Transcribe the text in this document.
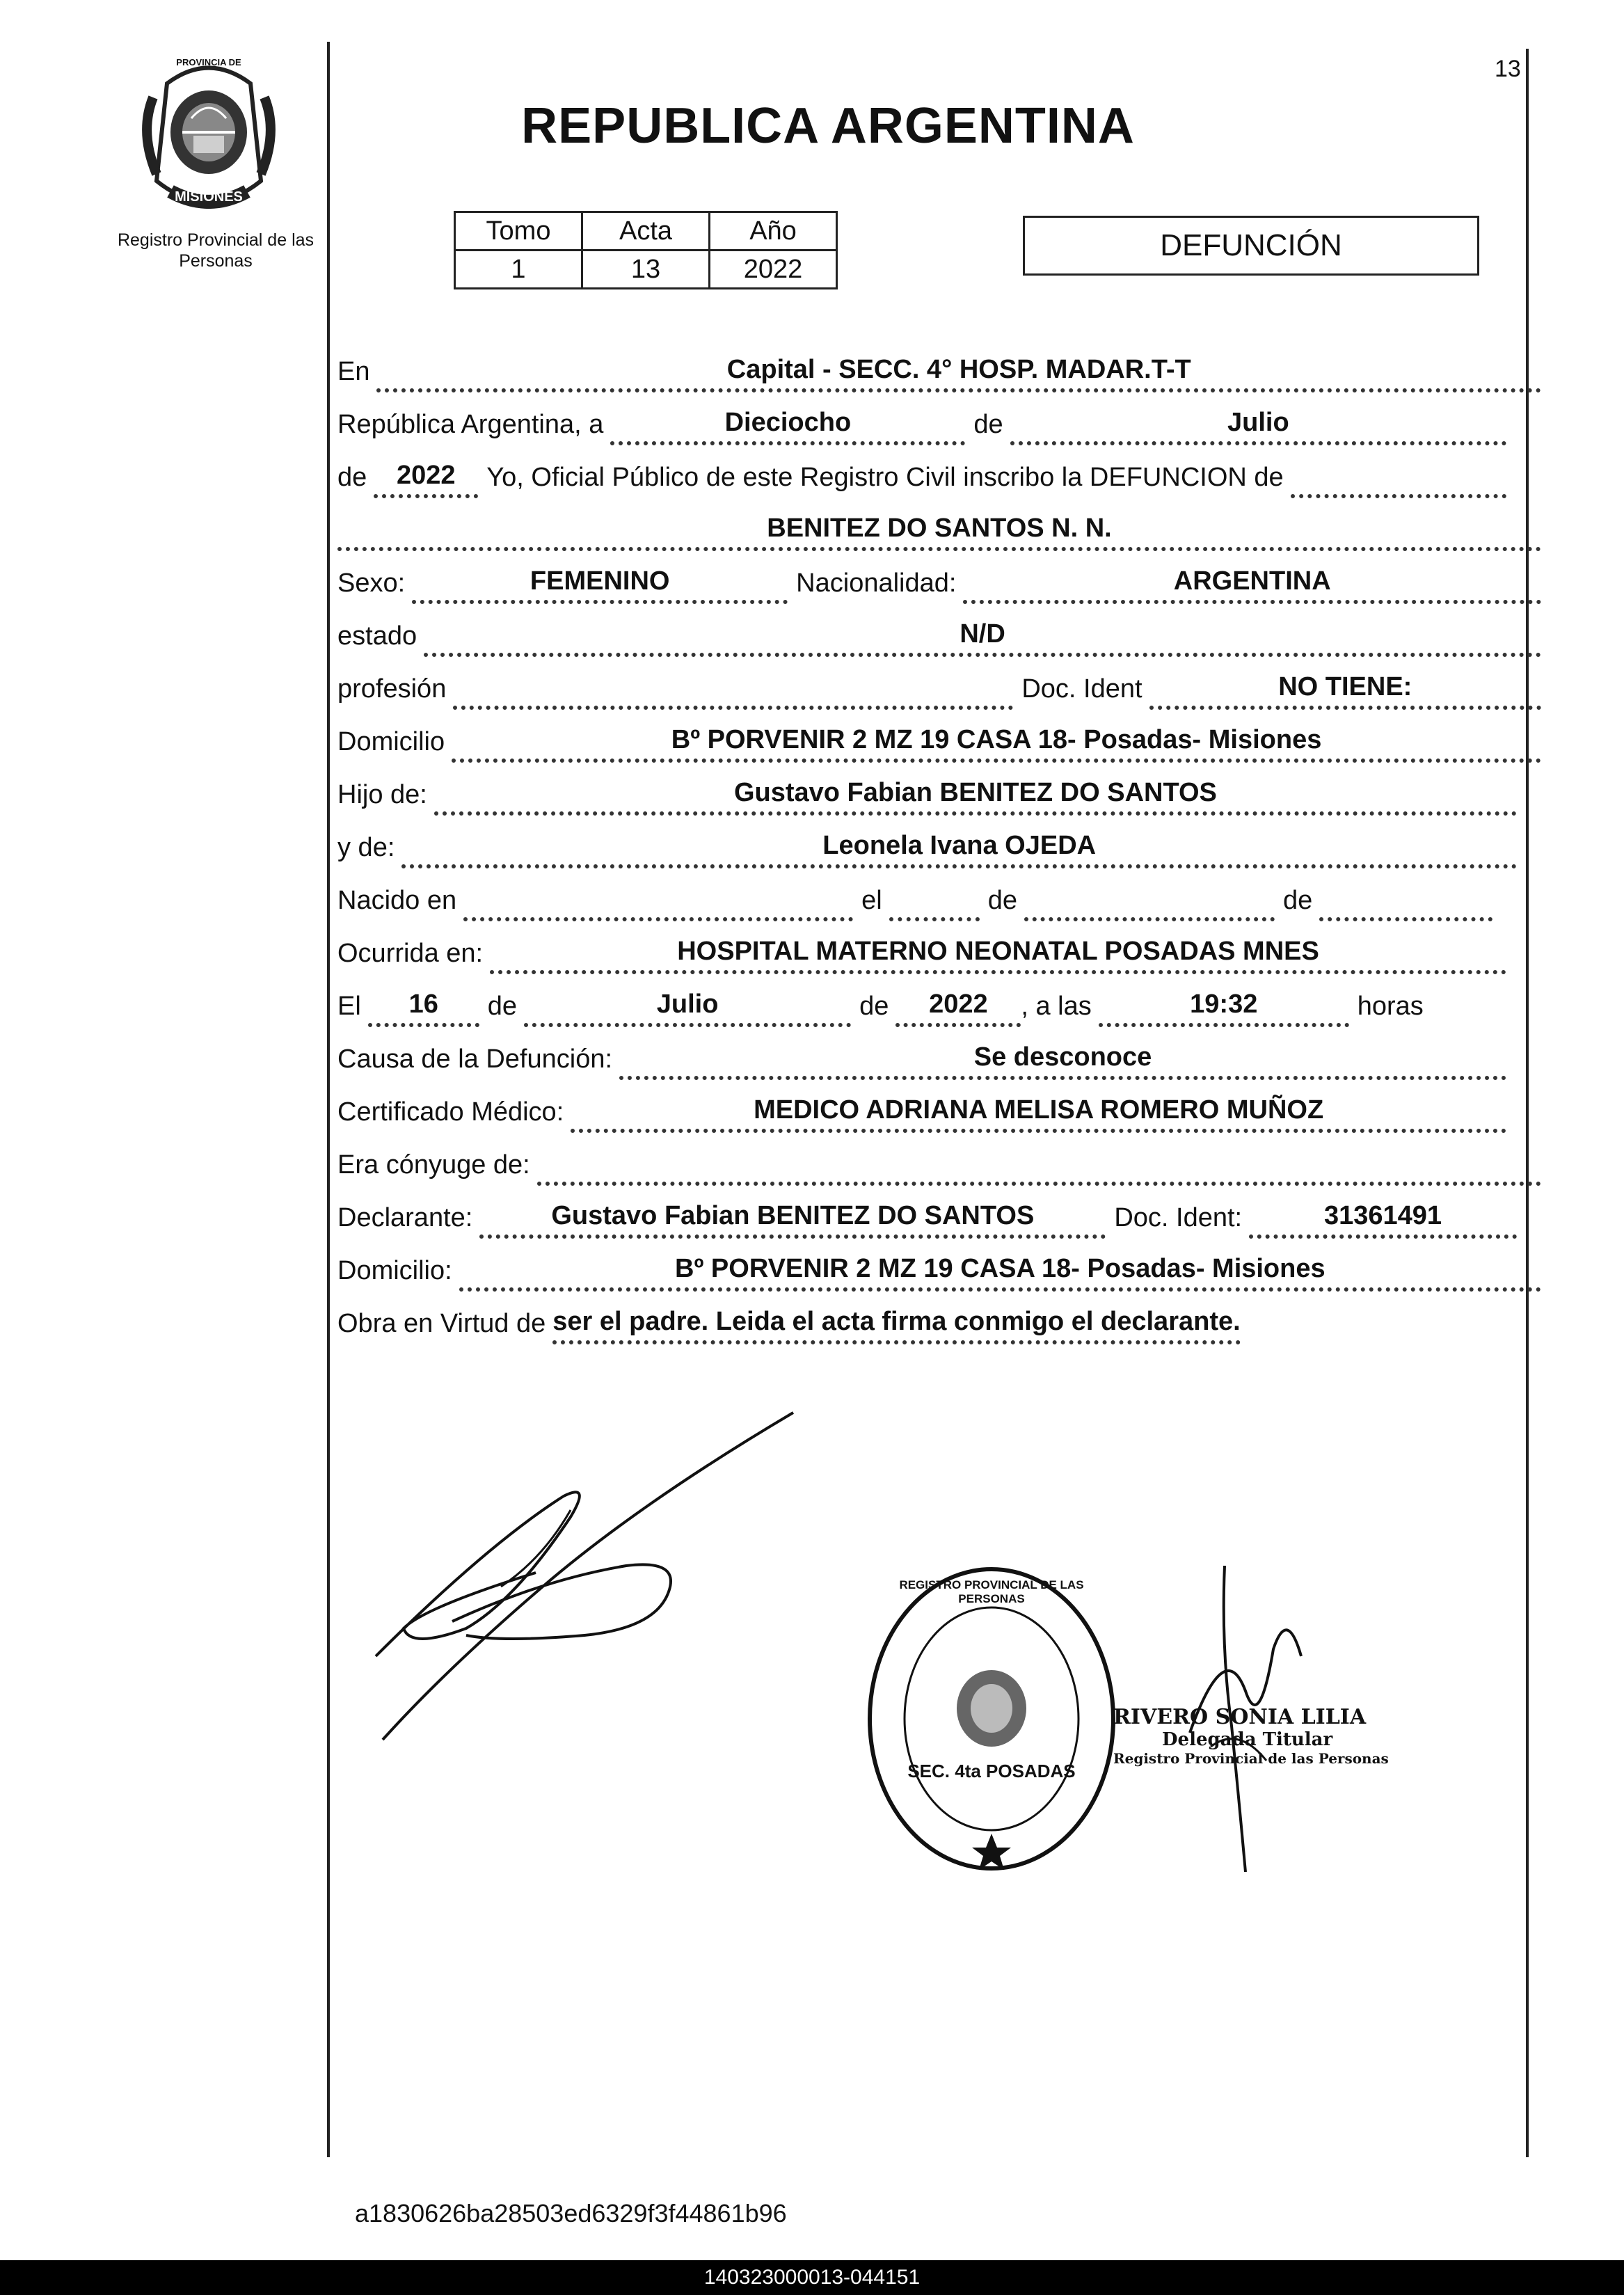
PROVINCIA DE
MISIONES
Registro Provincial de las Personas
13
REPUBLICA ARGENTINA
Tomo	Acta	Año
1	13	2022
DEFUNCIÓN
En	Capital - SECC. 4° HOSP. MADAR.T-T
República Argentina, a	Dieciocho	de	Julio
de	2022	Yo, Oficial Público de este Registro Civil inscribo la DEFUNCION de
BENITEZ DO SANTOS N. N.
Sexo:	FEMENINO	Nacionalidad:	ARGENTINA
estado	N/D
profesión	Doc. Ident	NO TIENE:
Domicilio	Bº PORVENIR 2 MZ 19 CASA 18- Posadas- Misiones
Hijo de:	Gustavo Fabian BENITEZ DO SANTOS
y de:	Leonela Ivana OJEDA
Nacido en	el	de	de
Ocurrida en:	HOSPITAL MATERNO NEONATAL POSADAS MNES
El	16	de	Julio	de	2022	, a las	19:32	horas
Causa de la Defunción:	Se desconoce
Certificado Médico:	MEDICO ADRIANA MELISA ROMERO MUÑOZ
Era cónyuge de:
Declarante:	Gustavo Fabian BENITEZ DO SANTOS	Doc. Ident:	31361491
Domicilio:	Bº PORVENIR 2 MZ 19 CASA 18- Posadas- Misiones
Obra en Virtud de ser el padre. Leida el acta firma conmigo el declarante.
SEC. 4ta POSADAS
REGISTRO PROVINCIAL DE LAS PERSONAS
RIVERO SONIA LILIA
Delegada Titular
Registro Provincial de las Personas
a1830626ba28503ed6329f3f44861b96
140323000013-044151
